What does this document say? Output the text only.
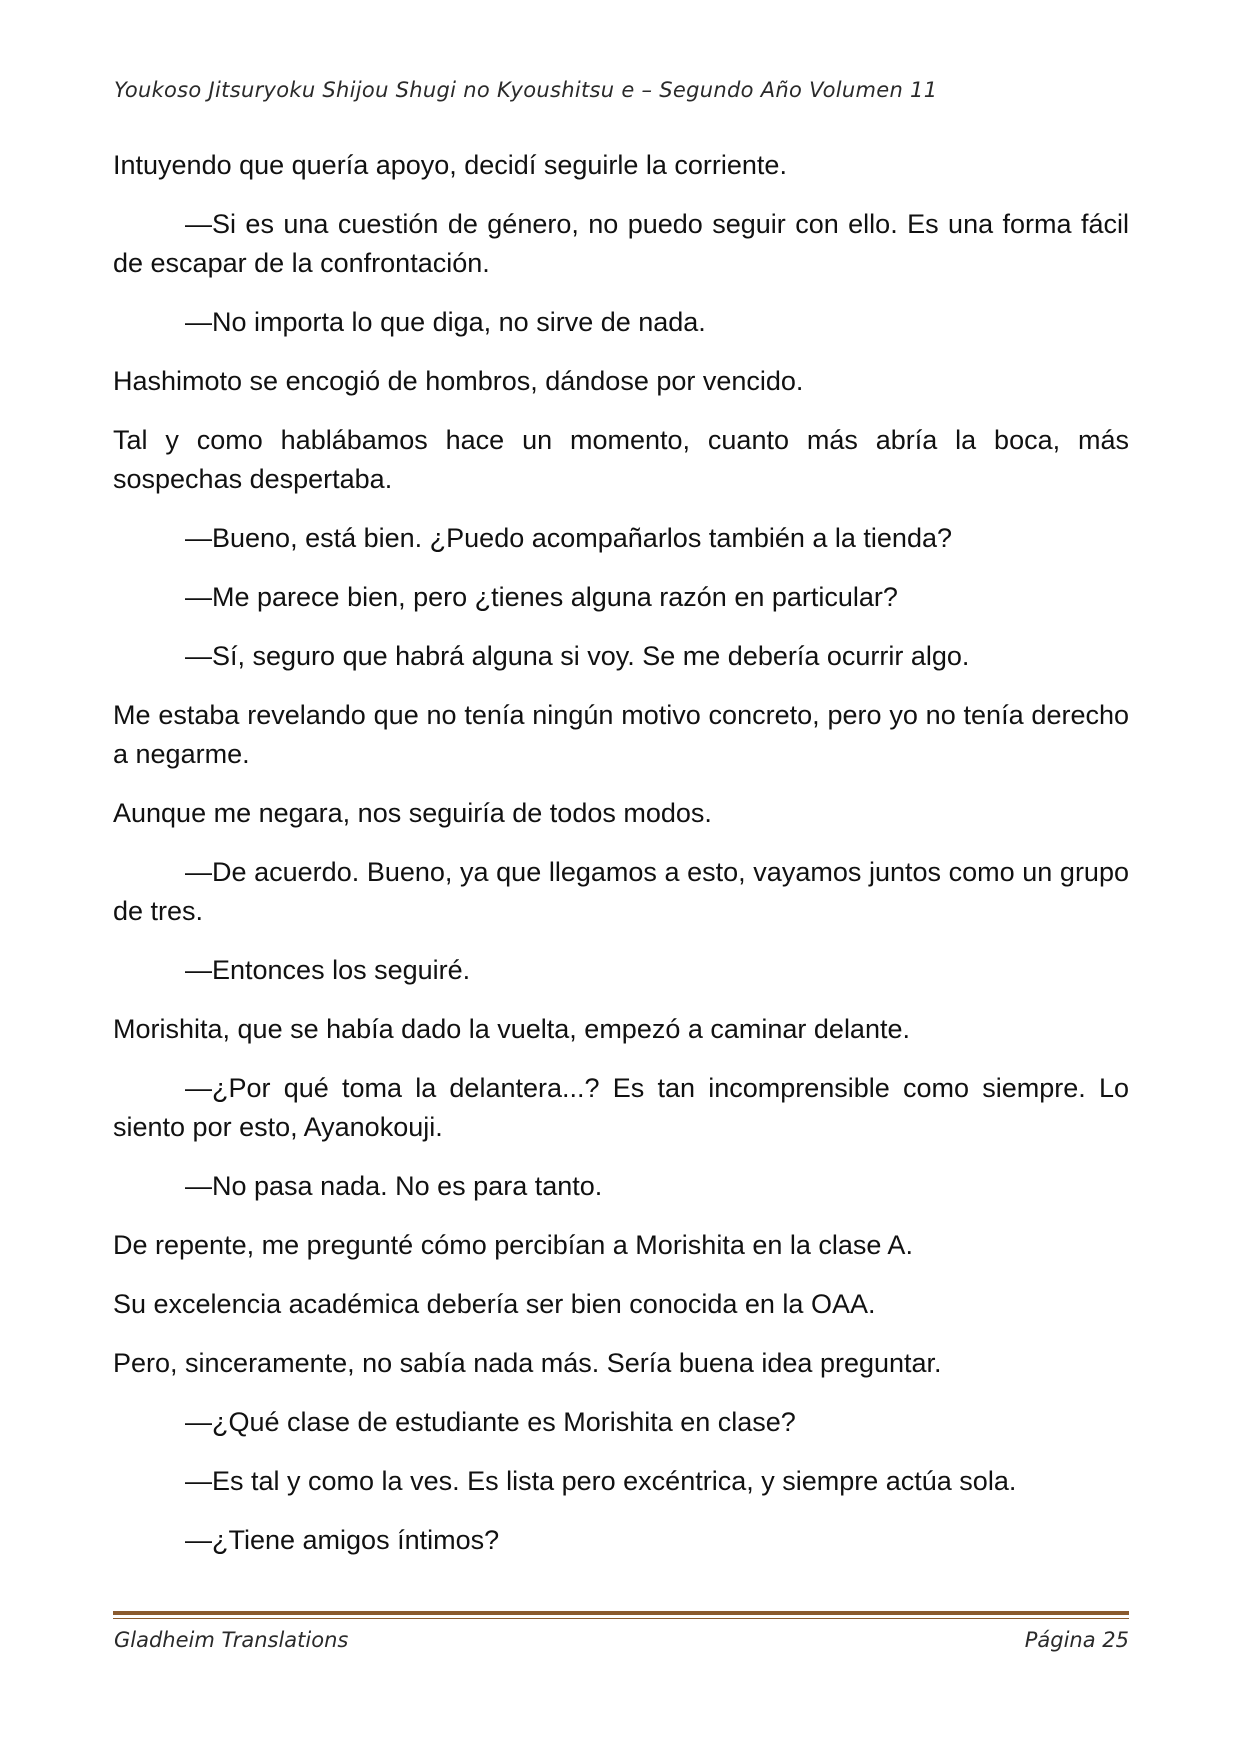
Youkoso Jitsuryoku Shijou Shugi no Kyoushitsu e – Segundo Año Volumen 11

Intuyendo que quería apoyo, decidí seguirle la corriente.

—Si es una cuestión de género, no puedo seguir con ello. Es una forma fácil de escapar de la confrontación.

—No importa lo que diga, no sirve de nada.

Hashimoto se encogió de hombros, dándose por vencido.

Tal y como hablábamos hace un momento, cuanto más abría la boca, más sospechas despertaba.

—Bueno, está bien. ¿Puedo acompañarlos también a la tienda?

—Me parece bien, pero ¿tienes alguna razón en particular?

—Sí, seguro que habrá alguna si voy. Se me debería ocurrir algo.

Me estaba revelando que no tenía ningún motivo concreto, pero yo no tenía derecho a negarme.

Aunque me negara, nos seguiría de todos modos.

—De acuerdo. Bueno, ya que llegamos a esto, vayamos juntos como un grupo de tres.

—Entonces los seguiré.

Morishita, que se había dado la vuelta, empezó a caminar delante.

—¿Por qué toma la delantera...? Es tan incomprensible como siempre. Lo siento por esto, Ayanokouji.

—No pasa nada. No es para tanto.

De repente, me pregunté cómo percibían a Morishita en la clase A.

Su excelencia académica debería ser bien conocida en la OAA.

Pero, sinceramente, no sabía nada más. Sería buena idea preguntar.

—¿Qué clase de estudiante es Morishita en clase?

—Es tal y como la ves. Es lista pero excéntrica, y siempre actúa sola.

—¿Tiene amigos íntimos?

Gladheim Translations	Página 25
